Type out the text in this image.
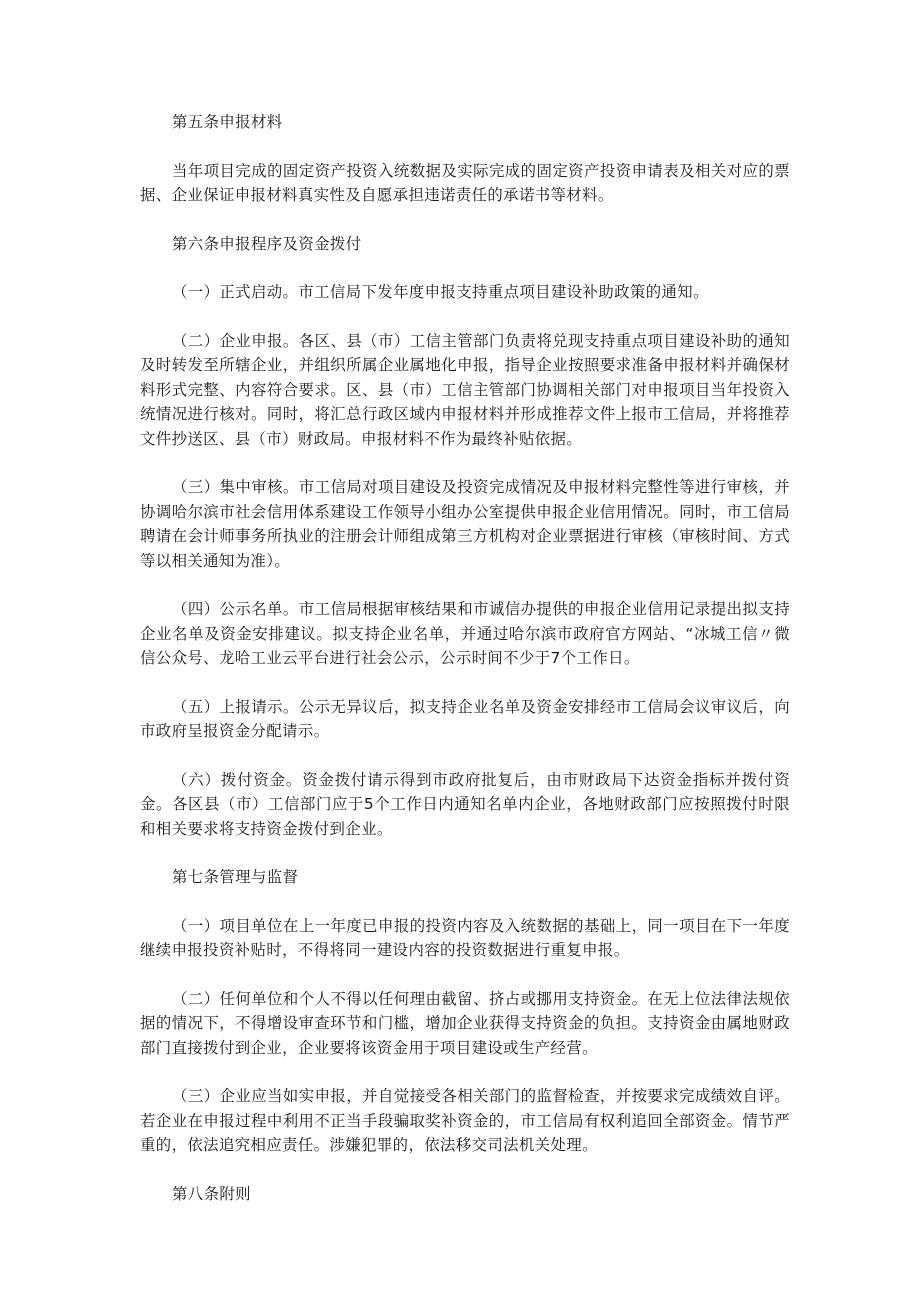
第五条申报材料

当年项目完成的固定资产投资入统数据及实际完成的固定资产投资申请表及相关对应的票据、企业保证申报材料真实性及自愿承担违诺责任的承诺书等材料。

第六条申报程序及资金拨付

（一）正式启动。市工信局下发年度申报支持重点项目建设补助政策的通知。

（二）企业申报。各区、县（市）工信主管部门负责将兑现支持重点项目建设补助的通知及时转发至所辖企业，并组织所属企业属地化申报，指导企业按照要求准备申报材料并确保材料形式完整、内容符合要求。区、县（市）工信主管部门协调相关部门对申报项目当年投资入统情况进行核对。同时，将汇总行政区域内申报材料并形成推荐文件上报市工信局，并将推荐文件抄送区、县（市）财政局。申报材料不作为最终补贴依据。

（三）集中审核。市工信局对项目建设及投资完成情况及申报材料完整性等进行审核，并协调哈尔滨市社会信用体系建设工作领导小组办公室提供申报企业信用情况。同时，市工信局聘请在会计师事务所执业的注册会计师组成第三方机构对企业票据进行审核（审核时间、方式等以相关通知为准）。

（四）公示名单。市工信局根据审核结果和市诚信办提供的申报企业信用记录提出拟支持企业名单及资金安排建议。拟支持企业名单，并通过哈尔滨市政府官方网站、“冰城工信〃微信公众号、龙哈工业云平台进行社会公示，公示时间不少于7个工作日。

（五）上报请示。公示无异议后，拟支持企业名单及资金安排经市工信局会议审议后，向市政府呈报资金分配请示。

（六）拨付资金。资金拨付请示得到市政府批复后，由市财政局下达资金指标并拨付资金。各区县（市）工信部门应于5个工作日内通知名单内企业，各地财政部门应按照拨付时限和相关要求将支持资金拨付到企业。

第七条管理与监督

（一）项目单位在上一年度已申报的投资内容及入统数据的基础上，同一项目在下一年度继续申报投资补贴时，不得将同一建设内容的投资数据进行重复申报。

（二）任何单位和个人不得以任何理由截留、挤占或挪用支持资金。在无上位法律法规依据的情况下，不得增设审查环节和门槛，增加企业获得支持资金的负担。支持资金由属地财政部门直接拨付到企业，企业要将该资金用于项目建设或生产经营。

（三）企业应当如实申报，并自觉接受各相关部门的监督检查，并按要求完成绩效自评。若企业在申报过程中利用不正当手段骗取奖补资金的，市工信局有权利追回全部资金。情节严重的，依法追究相应责任。涉嫌犯罪的，依法移交司法机关处理。

第八条附则
